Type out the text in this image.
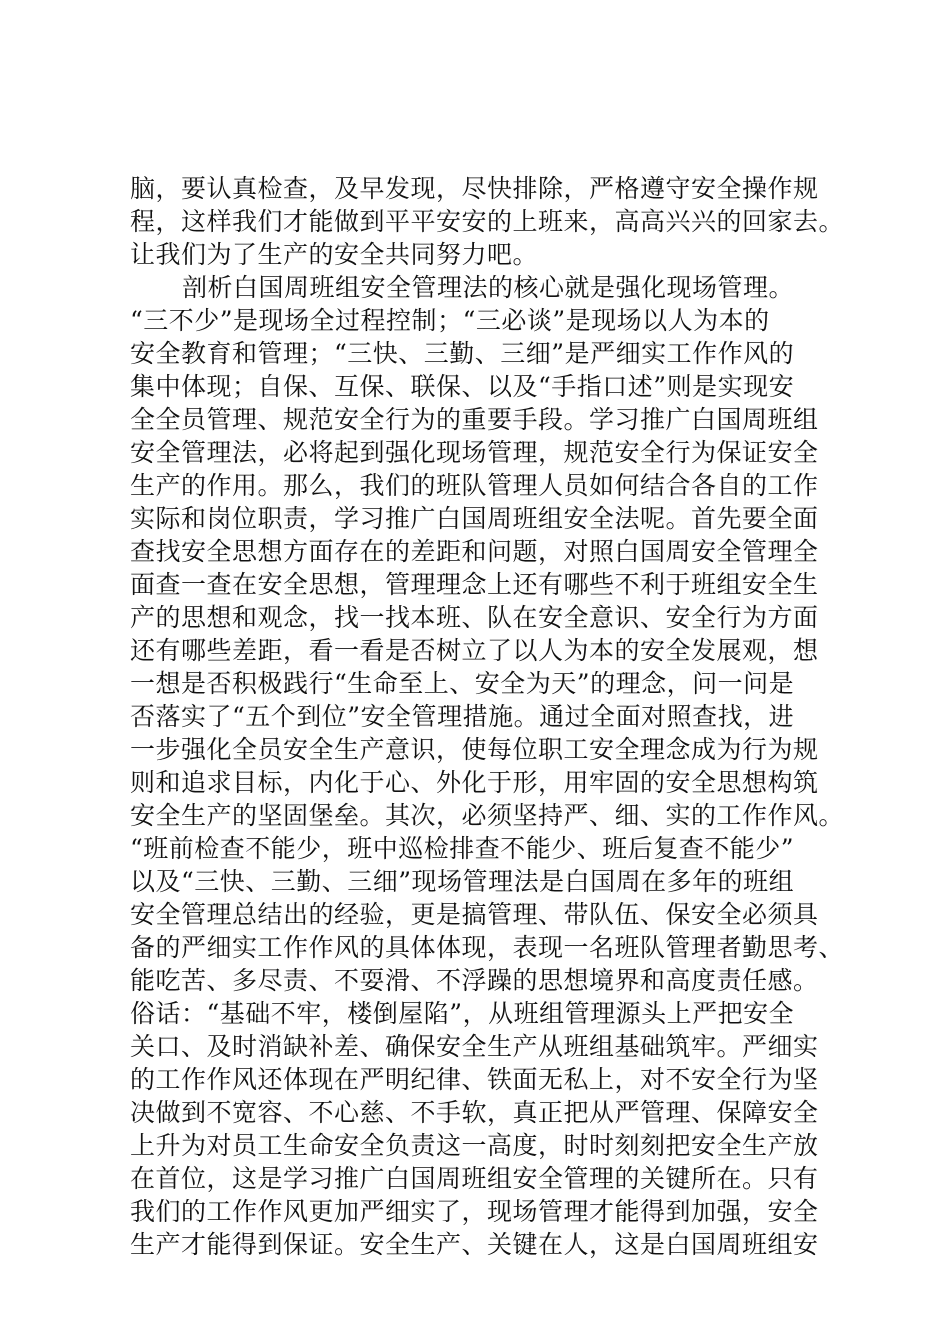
脑，要认真检查，及早发现，尽快排除，严格遵守安全操作规
程，这样我们才能做到平平安安的上班来，高高兴兴的回家去。
让我们为了生产的安全共同努力吧。
剖析白国周班组安全管理法的核心就是强化现场管理。
“三不少”是现场全过程控制；“三必谈”是现场以人为本的
安全教育和管理；“三快、三勤、三细”是严细实工作作风的
集中体现；自保、互保、联保、以及“手指口述”则是实现安
全全员管理、规范安全行为的重要手段。学习推广白国周班组
安全管理法，必将起到强化现场管理，规范安全行为保证安全
生产的作用。那么，我们的班队管理人员如何结合各自的工作
实际和岗位职责，学习推广白国周班组安全法呢。首先要全面
查找安全思想方面存在的差距和问题，对照白国周安全管理全
面查一查在安全思想，管理理念上还有哪些不利于班组安全生
产的思想和观念，找一找本班、队在安全意识、安全行为方面
还有哪些差距，看一看是否树立了以人为本的安全发展观，想
一想是否积极践行“生命至上、安全为天”的理念，问一问是
否落实了“五个到位”安全管理措施。通过全面对照查找，进
一步强化全员安全生产意识，使每位职工安全理念成为行为规
则和追求目标，内化于心、外化于形，用牢固的安全思想构筑
安全生产的坚固堡垒。其次，必须坚持严、细、实的工作作风。
“班前检查不能少，班中巡检排查不能少、班后复查不能少”
以及“三快、三勤、三细”现场管理法是白国周在多年的班组
安全管理总结出的经验，更是搞管理、带队伍、保安全必须具
备的严细实工作作风的具体体现，表现一名班队管理者勤思考、
能吃苦、多尽责、不耍滑、不浮躁的思想境界和高度责任感。
俗话：“基础不牢，楼倒屋陷”，从班组管理源头上严把安全
关口、及时消缺补差、确保安全生产从班组基础筑牢。严细实
的工作作风还体现在严明纪律、铁面无私上，对不安全行为坚
决做到不宽容、不心慈、不手软，真正把从严管理、保障安全
上升为对员工生命安全负责这一高度，时时刻刻把安全生产放
在首位，这是学习推广白国周班组安全管理的关键所在。只有
我们的工作作风更加严细实了，现场管理才能得到加强，安全
生产才能得到保证。安全生产、关键在人，这是白国周班组安
